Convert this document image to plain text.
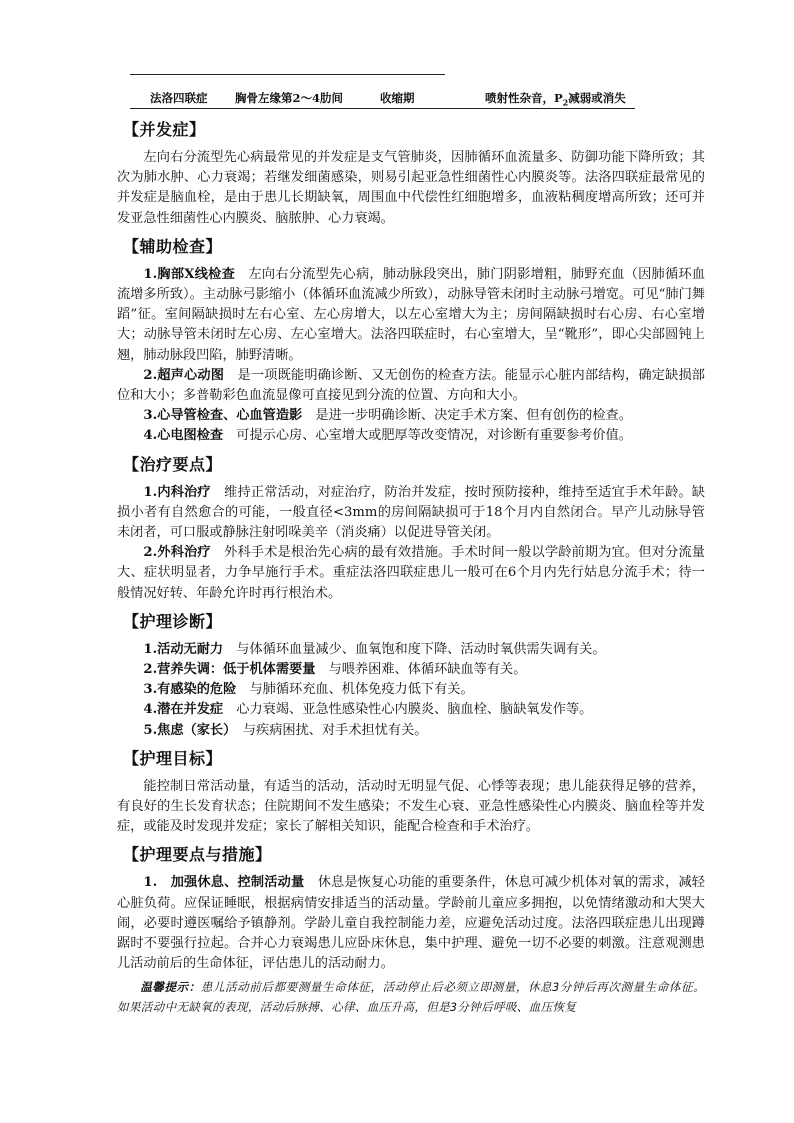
法洛四联症 胸骨左缘第2～4肋间	收缩期	喷射性杂音，$P_2$减弱或消失
【并发症】

左向右分流型先心病最常见的并发症是支气管肺炎，因肺循环血流量多、防御功能下降所致；其次为肺水肿、心力衰竭；若继发细菌感染，则易引起亚急性细菌性心内膜炎等。法洛四联症最常见的并发症是脑血栓，是由于患儿长期缺氧，周围血中代偿性红细胞增多，血液粘稠度增高所致；还可并发亚急性细菌性心内膜炎、脑脓肿、心力衰竭。

【辅助检查】

1.胸部X线检查　 左向右分流型先心病，肺动脉段突出，肺门阴影增粗，肺野充血（因肺循环血流增多所致）。主动脉弓影缩小（体循环血流减少所致），动脉导管未闭时主动脉弓增宽。可见“肺门舞蹈”征。室间隔缺损时左右心室、左心房增大，以左心室增大为主；房间隔缺损时右心房、右心室增大；动脉导管未闭时左心房、左心室增大。法洛四联症时，右心室增大，呈“靴形”，即心尖部圆钝上翘，肺动脉段凹陷，肺野清晰。

2.超声心动图　 是一项既能明确诊断、又无创伤的检查方法。能显示心脏内部结构，确定缺损部位和大小；多普勒彩色血流显像可直接见到分流的位置、方向和大小。

3.心导管检查、心血管造影　 是进一步明确诊断、决定手术方案、但有创伤的检查。

4.心电图检查　 可提示心房、心室增大或肥厚等改变情况，对诊断有重要参考价值。

【治疗要点】

1.内科治疗　 维持正常活动，对症治疗，防治并发症，按时预防接种，维持至适宜手术年龄。缺损小者有自然愈合的可能，一般直径<3mm的房间隔缺损可于18个月内自然闭合。早产儿动脉导管未闭者，可口服或静脉注射吲哚美辛（消炎痛）以促进导管关闭。

2.外科治疗　 外科手术是根治先心病的最有效措施。手术时间一般以学龄前期为宜。但对分流量大、症状明显者，力争早施行手术。重症法洛四联症患儿一般可在6个月内先行姑息分流手术；待一般情况好转、年龄允许时再行根治术。

【护理诊断】

1.活动无耐力　 与体循环血量减少、血氧饱和度下降、活动时氧供需失调有关。

2.营养失调：低于机体需要量　 与喂养困难、体循环缺血等有关。

3.有感染的危险　 与肺循环充血、机体免疫力低下有关。

4.潜在并发症　 心力衰竭、亚急性感染性心内膜炎、脑血栓、脑缺氧发作等。

5.焦虑（家长）　 与疾病困扰、对手术担忧有关。

【护理目标】

能控制日常活动量，有适当的活动，活动时无明显气促、心悸等表现；患儿能获得足够的营养，有良好的生长发育状态；住院期间不发生感染；不发生心衰、亚急性感染性心内膜炎、脑血栓等并发症，或能及时发现并发症；家长了解相关知识，能配合检查和手术治疗。

【护理要点与措施】

1.　加强休息、控制活动量　 休息是恢复心功能的重要条件，休息可减少机体对氧的需求，减轻心脏负荷。应保证睡眠，根据病情安排适当的活动量。学龄前儿童应多拥抱，以免情绪激动和大哭大闹，必要时遵医嘱给予镇静剂。学龄儿童自我控制能力差，应避免活动过度。法洛四联症患儿出现蹲踞时不要强行拉起。合并心力衰竭患儿应卧床休息，集中护理、避免一切不必要的刺激。注意观测患儿活动前后的生命体征，评估患儿的活动耐力。

温馨提示：患儿活动前后都要测量生命体征，活动停止后必须立即测量，休息3分钟后再次测量生命体征。如果活动中无缺氧的表现，活动后脉搏、心律、血压升高，但是3分钟后呼吸、血压恢复
